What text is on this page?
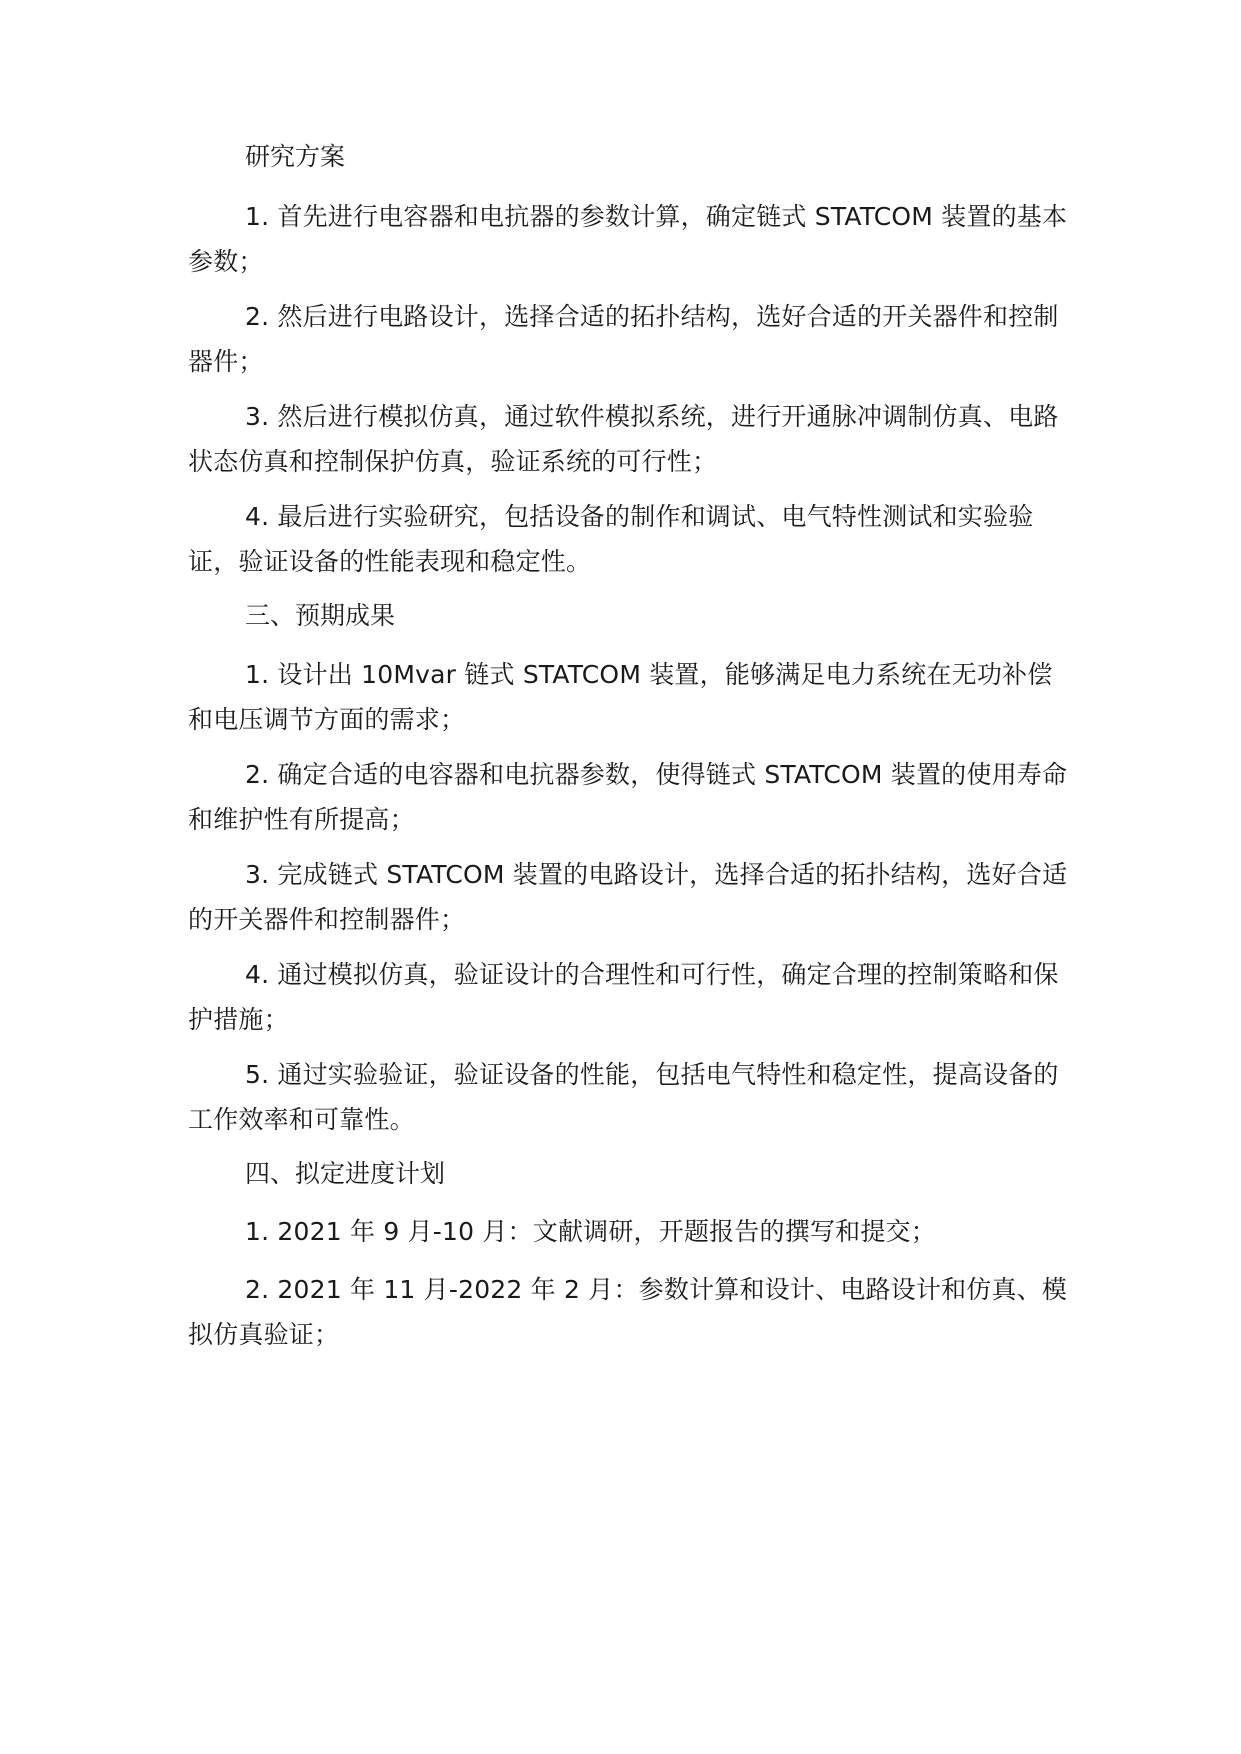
研究方案

1. 首先进行电容器和电抗器的参数计算，确定链式 STATCOM 装置的基本参数；

2. 然后进行电路设计，选择合适的拓扑结构，选好合适的开关器件和控制器件；

3. 然后进行模拟仿真，通过软件模拟系统，进行开通脉冲调制仿真、电路状态仿真和控制保护仿真，验证系统的可行性；

4. 最后进行实验研究，包括设备的制作和调试、电气特性测试和实验验证，验证设备的性能表现和稳定性。

三、预期成果

1. 设计出 10Mvar 链式 STATCOM 装置，能够满足电力系统在无功补偿和电压调节方面的需求；

2. 确定合适的电容器和电抗器参数，使得链式 STATCOM 装置的使用寿命和维护性有所提高；

3. 完成链式 STATCOM 装置的电路设计，选择合适的拓扑结构，选好合适的开关器件和控制器件；

4. 通过模拟仿真，验证设计的合理性和可行性，确定合理的控制策略和保护措施；

5. 通过实验验证，验证设备的性能，包括电气特性和稳定性，提高设备的工作效率和可靠性。

四、拟定进度计划

1. 2021 年 9 月-10 月：文献调研，开题报告的撰写和提交；

2. 2021 年 11 月-2022 年 2 月：参数计算和设计、电路设计和仿真、模拟仿真验证；
